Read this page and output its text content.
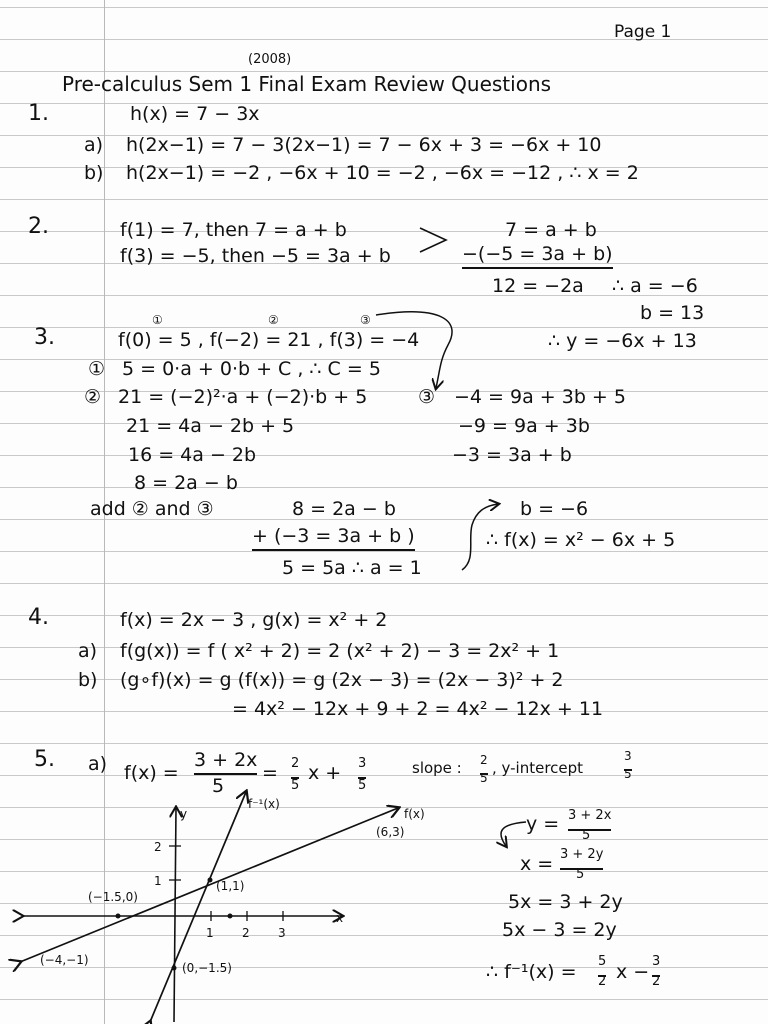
Page 1
(2008)
Pre-calculus Sem 1 Final Exam Review Questions
1.	h(x) = 7 − 3x
a) h(2x−1) = 7 − 3(2x−1) = 7 − 6x + 3 = −6x + 10
b) h(2x−1) = −2 , −6x + 10 = −2 , −6x = −12 , ∴ x = 2
2.	f(1) = 7, then 7 = a + b
f(3) = −5, then −5 = 3a + b
7 = a + b
−(−5 = 3a + b)
12 = −2a ∴ a = −6
b = 13
∴ y = −6x + 13
3.
①	②	③
f(0) = 5 , f(−2) = 21 , f(3) = −4
① 5 = 0·a + 0·b + C , ∴ C = 5
② 21 = (−2)²·a + (−2)·b + 5
21 = 4a − 2b + 5
16 = 4a − 2b
8 = 2a − b
③ −4 = 9a + 3b + 5
−9 = 9a + 3b
−3 = 3a + b
add ② and ③	8 = 2a − b
+ (−3 = 3a + b )
5 = 5a ∴ a = 1
b = −6
∴ f(x) = x² − 6x + 5
4.	f(x) = 2x − 3 , g(x) = x² + 2
a) f(g(x)) = f ( x² + 2) = 2 (x² + 2) − 3 = 2x² + 1
b) (g∘f)(x) = g (f(x)) = g (2x − 3) = (2x − 3)² + 2
= 4x² − 12x + 9 + 2 = 4x² − 12x + 11
5. a) f(x) =
3 + 2x
5
= 2
5
x + 3
5
slope : 2
5
, y-intercept
3
5
y = 3 + 2x
5
x = 3 + 2y
5
5x = 3 + 2y
5x − 3 = 2y
∴ f⁻¹(x) = 5
2 x − 3
2
y
x
2
1
1 2 3
f(x)
(6,3)
f⁻¹(x)
(1,1)
(−1.5,0)
(−4,−1)
(0,−1.5)
